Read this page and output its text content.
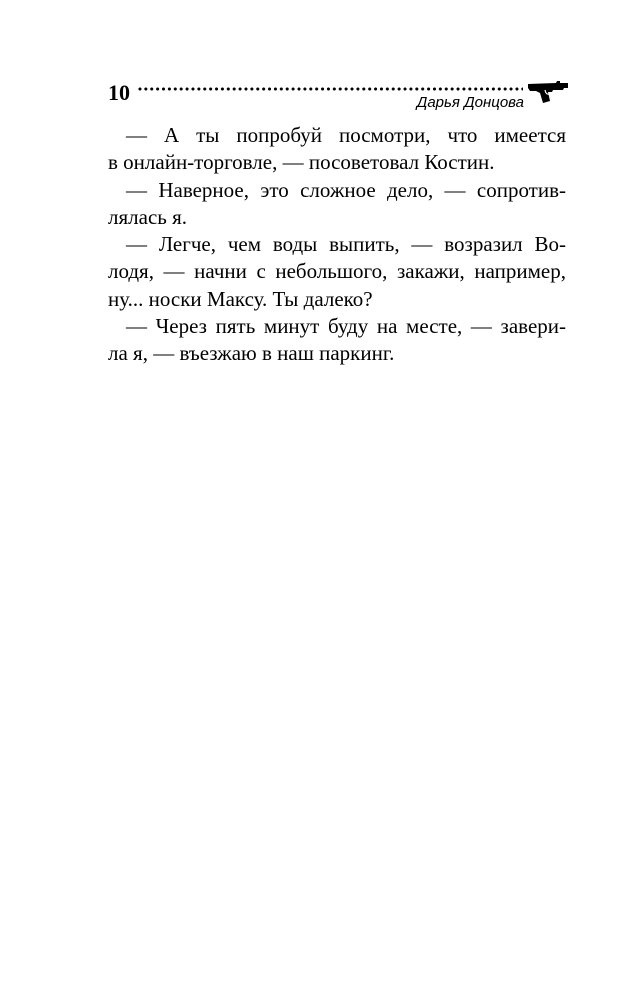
10	Дарья Донцова

— А ты попробуй посмотри, что имеется
в онлайн-торговле, — посоветовал Костин.

— Наверное, это сложное дело, — сопротив-
лялась я.

— Легче, чем воды выпить, — возразил Во-
лодя, — начни с небольшого, закажи, например,
ну... носки Максу. Ты далеко?

— Через пять минут буду на месте, — завери-
ла я, — въезжаю в наш паркинг.
